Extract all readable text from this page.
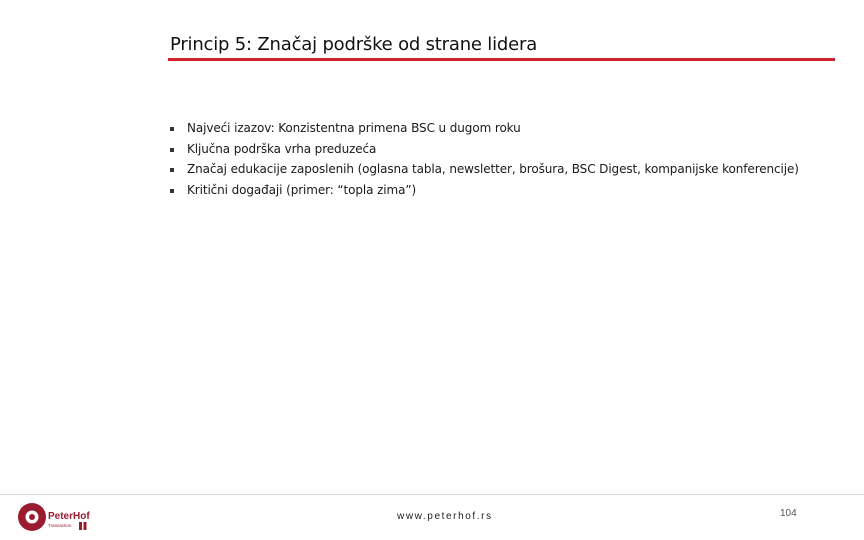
Princip 5: Značaj podrške od strane lidera
Najveći izazov: Konzistentna primena BSC u dugom roku
Ključna podrška vrha preduzeća
Značaj edukacije zaposlenih (oglasna tabla, newsletter, brošura, BSC Digest, kompanijske konferencije)
Kritični događaji (primer: “topla zima”)
PeterHof
Transaction
www.peterhof.rs	104
